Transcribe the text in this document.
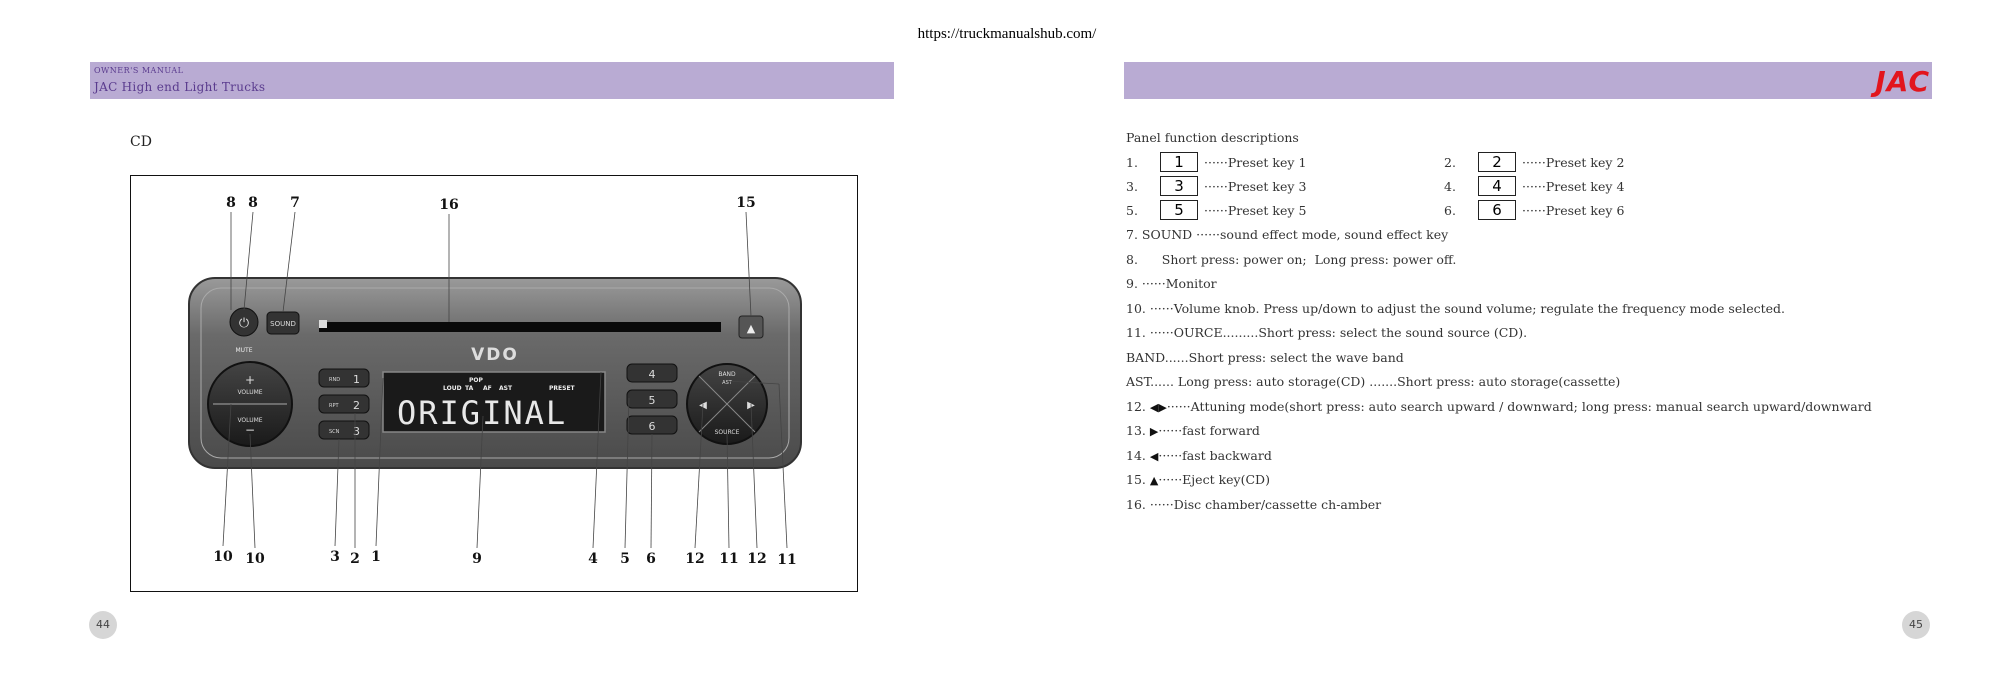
https://truckmanualshub.com/
OWNER'S MANUAL
JAC High end Light Trucks
CD
▲
⏻
MUTE
SOUND
VDO
+
VOLUME
VOLUME
−
RND 1
RPT 2
SCN 3
POP
LOUD TA AF AST	PRESET
ORIGINAL
4
5
6
BAND
AST
◀	▶
SOURCE
8 8 7	16	15
10 10	3 2 1	9	4 5 6 12 11 12 11
44
JAC
Panel function descriptions
1.	1	······Preset key 1	2.	2	······Preset key 2
3.	3	······Preset key 3	4.	4	······Preset key 4
5.	5	······Preset key 5	6.	6	······Preset key 6
7. SOUND ······sound effect mode, sound effect key
8.      Short press: power on;  Long press: power off.
9. ······Monitor
10. ······Volume knob. Press up/down to adjust the sound volume; regulate the frequency mode selected.
11. ······OURCE.........Short press: select the sound source (CD).
BAND......Short press: select the wave band
AST...... Long press: auto storage(CD) .......Short press: auto storage(cassette)
12. ◀▶······Attuning mode(short press: auto search upward / downward; long press: manual search upward/downward
13. ▶······fast forward
14. ◀······fast backward
15. ▲······Eject key(CD)
16. ······Disc chamber/cassette ch-amber
45
